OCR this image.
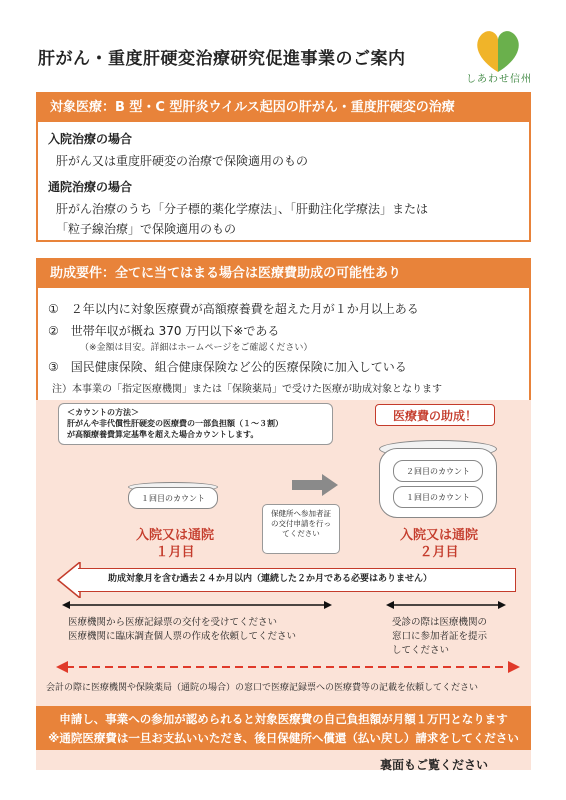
肝がん・重度肝硬変治療研究促進事業のご案内
しあわせ信州
対象医療：B 型・C 型肝炎ウイルス起因の肝がん・重度肝硬変の治療
入院治療の場合
肝がん又は重度肝硬変の治療で保険適用のもの
通院治療の場合
肝がん治療のうち「分子標的薬化学療法」、「肝動注化学療法」または
「粒子線治療」で保険適用のもの
助成要件：全てに当てはまる場合は医療費助成の可能性あり
①　２年以内に対象医療費が高額療養費を超えた月が１か月以上ある
②　世帯年収が概ね 370 万円以下※である
（※金額は目安。詳細はホームページをご確認ください）
③　国民健康保険、組合健康保険など公的医療保険に加入している
注）本事業の「指定医療機関」または「保険薬局」で受けた医療が助成対象となります
＜カウントの方法＞
肝がんや非代償性肝硬変の医療費の一部負担額（１～３割）
が高額療養費算定基準を超えた場合カウントします。
医療費の助成！
１回目のカウント
２回目のカウント
１回目のカウント
入院又は通院
１月目
入院又は通院
２月目
保健所へ参加者証の交付申請を行ってください
助成対象月を含む過去２４か月以内（連続した２か月である必要はありません）
医療機関から医療記録票の交付を受けてください
医療機関に臨床調査個人票の作成を依頼してください
受診の際は医療機関の
窓口に参加者証を提示
してください
会計の際に医療機関や保険薬局（通院の場合）の窓口で医療記録票への医療費等の記載を依頼してください
申請し、事業への参加が認められると対象医療費の自己負担額が月額１万円となります
※通院医療費は一旦お支払いいただき、後日保健所へ償還（払い戻し）請求をしてください
裏面もご覧ください
